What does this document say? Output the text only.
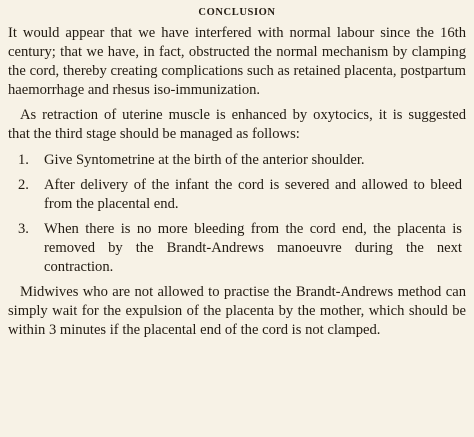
CONCLUSION

It would appear that we have interfered with normal labour since the 16th century; that we have, in fact, obstructed the normal mechanism by clamping the cord, thereby creating complications such as retained placenta, postpartum haemorrhage and rhesus iso-immunization.

As retraction of uterine muscle is enhanced by oxytocics, it is suggested that the third stage should be managed as follows:

1.	Give Syntometrine at the birth of the anterior shoulder.
2.	After delivery of the infant the cord is severed and allowed to bleed from the placental end.
3.	When there is no more bleeding from the cord end, the placenta is removed by the Brandt-Andrews manoeuvre during the next contraction.

Midwives who are not allowed to practise the Brandt-Andrews method can simply wait for the expulsion of the placenta by the mother, which should be within 3 minutes if the placental end of the cord is not clamped.
